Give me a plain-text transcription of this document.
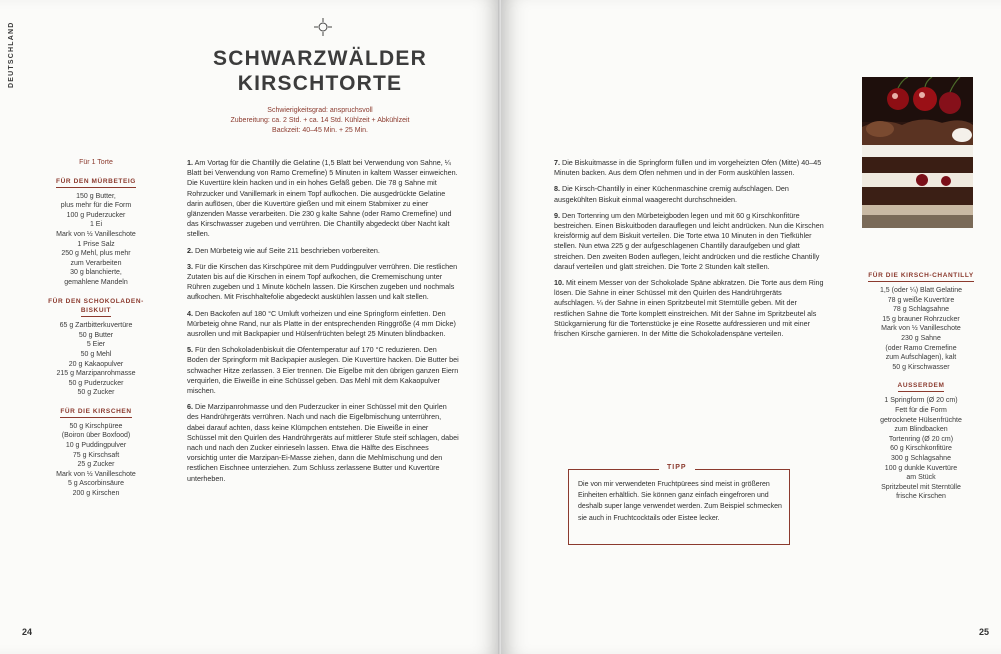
DEUTSCHLAND	SCHWARZWÄLDER
KIRSCHTORTE
Schwierigkeitsgrad: anspruchsvoll
Zubereitung: ca. 2 Std. + ca. 14 Std. Kühlzeit + Abkühlzeit
Backzeit: 40–45 Min. + 25 Min.
Für 1 Torte
FÜR DEN MÜRBETEIG
150 g Butter,
plus mehr für die Form
100 g Puderzucker
1 Ei
Mark von ½ Vanilleschote
1 Prise Salz
250 g Mehl, plus mehr
zum Verarbeiten
30 g blanchierte,
gemahlene Mandeln
FÜR DEN SCHOKOLADEN-
BISKUIT
65 g Zartbitterkuvertüre
50 g Butter
5 Eier
50 g Mehl
20 g Kakaopulver
215 g Marzipanrohmasse
50 g Puderzucker
50 g Zucker
FÜR DIE KIRSCHEN
50 g Kirschpüree
(Boiron über Boxfood)
10 g Puddingpulver
75 g Kirschsaft
25 g Zucker
Mark von ½ Vanilleschote
5 g Ascorbinsäure
200 g Kirschen
1. Am Vortag für die Chantilly die Gelatine (1,5 Blatt bei Verwendung von Sahne, ¼ Blatt bei Verwendung von Ramo Cremefine) 5 Minuten in kaltem Wasser einweichen. Die Kuvertüre klein hacken und in ein hohes Gefäß geben. Die 78 g Sahne mit Rohrzucker und Vanillemark in einem Topf aufkochen. Die ausgedrückte Gelatine darin auflösen, über die Kuvertüre gießen und mit einem Stabmixer zu einer glänzenden Masse verarbeiten. Die 230 g kalte Sahne (oder Ramo Cremefine) und das Kirschwasser zugeben und verrühren. Die Chantilly abgedeckt über Nacht kalt stellen.
2. Den Mürbeteig wie auf Seite 211 beschrieben vorbereiten.
3. Für die Kirschen das Kirschpüree mit dem Puddingpulver verrühren. Die restlichen Zutaten bis auf die Kirschen in einem Topf aufkochen, die Crememischung unter Rühren zugeben und 1 Minute köcheln lassen. Die Kirschen zugeben und nochmals aufkochen. Mit Frischhaltefolie abgedeckt auskühlen lassen und kalt stellen.
4. Den Backofen auf 180 °C Umluft vorheizen und eine Springform einfetten. Den Mürbeteig ohne Rand, nur als Platte in der entsprechenden Ringgröße (4 mm Dicke) ausrollen und mit Backpapier und Hülsenfrüchten belegt 25 Minuten blindbacken.
5. Für den Schokoladenbiskuit die Ofentemperatur auf 170 °C reduzieren. Den Boden der Springform mit Backpapier auslegen. Die Kuvertüre hacken. Die Butter bei schwacher Hitze zerlassen. 3 Eier trennen. Die Eigelbe mit den übrigen ganzen Eiern verquirlen, die Eiweiße in eine Schüssel geben. Das Mehl mit dem Kakaopulver mischen.
6. Die Marzipanrohmasse und den Puderzucker in einer Schüssel mit den Quirlen des Handrührgeräts verrühren. Nach und nach die Eigelbmischung unterrühren, dabei darauf achten, dass keine Klümpchen entstehen. Die Eiweiße in einer Schüssel mit den Quirlen des Handrührgeräts auf mittlerer Stufe steif schlagen, dabei nach und nach den Zucker einrieseln lassen. Etwa die Hälfte des Eischnees vorsichtig unter die Marzipan-Ei-Masse ziehen, dann die Mehlmischung und den restlichen Eischnee unterziehen. Zum Schluss zerlassene Butter und Kuvertüre unterheben.
24
7. Die Biskuitmasse in die Springform füllen und im vorgeheizten Ofen (Mitte) 40–45 Minuten backen. Aus dem Ofen nehmen und in der Form auskühlen lassen.
8. Die Kirsch-Chantilly in einer Küchenmaschine cremig aufschlagen. Den ausgekühlten Biskuit einmal waagerecht durchschneiden.
9. Den Tortenring um den Mürbeteigboden legen und mit 60 g Kirschkonfitüre bestreichen. Einen Biskuitboden darauflegen und leicht andrücken. Nun die Kirschen kreisförmig auf dem Biskuit verteilen. Die Torte etwa 10 Minuten in den Tiefkühler stellen. Nun etwa 225 g der aufgeschlagenen Chantilly daraufgeben und glatt streichen. Den zweiten Boden auflegen, leicht andrücken und die restliche Chantilly darauf verteilen und glatt streichen. Die Torte 2 Stunden kalt stellen.
10. Mit einem Messer von der Schokolade Späne abkratzen. Die Torte aus dem Ring lösen. Die Sahne in einer Schüssel mit den Quirlen des Handrührgeräts aufschlagen. ¼ der Sahne in einen Spritzbeutel mit Sterntülle geben. Mit der restlichen Sahne die Torte komplett einstreichen. Mit der Sahne im Spritzbeutel als Stückgarnierung für die Tortenstücke je eine Rosette aufdressieren und mit einer frischen Kirsche garnieren. In der Mitte die Schokoladenspäne verteilen.
25
TIPP
Die von mir verwendeten Fruchtpürees sind meist in größeren Einheiten erhältlich. Sie können ganz einfach eingefroren und deshalb super lange verwendet werden. Zum Beispiel schmecken sie auch in Fruchtcocktails oder Eistee lecker.
FÜR DIE KIRSCH-CHANTILLY
1,5 (oder ¼) Blatt Gelatine
78 g weiße Kuvertüre
78 g Schlagsahne
15 g brauner Rohrzucker
Mark von ½ Vanilleschote
230 g Sahne
(oder Ramo Cremefine
zum Aufschlagen), kalt
50 g Kirschwasser
AUSSERDEM
1 Springform (Ø 20 cm)
Fett für die Form
getrocknete Hülsenfrüchte
zum Blindbacken
Tortenring (Ø 20 cm)
60 g Kirschkonfitüre
300 g Schlagsahne
100 g dunkle Kuvertüre
am Stück
Spritzbeutel mit Sterntülle
frische Kirschen
